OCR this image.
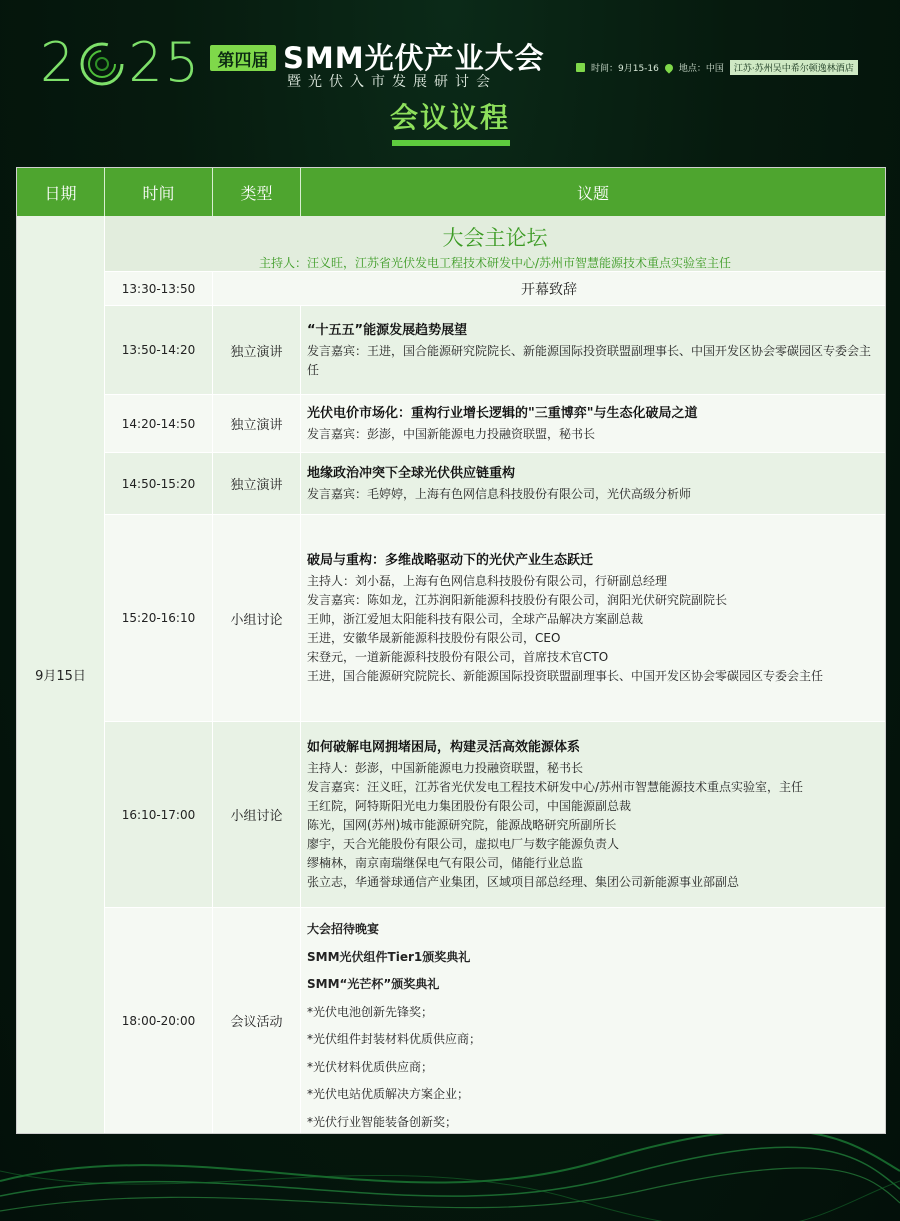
2 25 第四届 SMM光伏产业大会
暨光伏入市发展研讨会
时间：9月15-16 地点：中国	江苏·苏州吴中希尔顿逸林酒店
会议议程
日期	时间	类型	议题
9月15日
大会主论坛
主持人：汪义旺，江苏省光伏发电工程技术研发中心/苏州市智慧能源技术重点实验室主任
13:30-13:50	开幕致辞
13:50-14:20	独立演讲
“十五五”能源发展趋势展望
发言嘉宾：王进，国合能源研究院院长、新能源国际投资联盟副理事长、中国开发区协会零碳园区专委会主任
14:20-14:50	独立演讲
光伏电价市场化：重构行业增长逻辑的"三重博弈"与生态化破局之道
发言嘉宾：彭澎，中国新能源电力投融资联盟，秘书长
14:50-15:20	独立演讲
地缘政治冲突下全球光伏供应链重构
发言嘉宾：毛婷婷，上海有色网信息科技股份有限公司，光伏高级分析师
15:20-16:10	小组讨论
破局与重构：多维战略驱动下的光伏产业生态跃迁
主持人：刘小磊，上海有色网信息科技股份有限公司，行研副总经理
发言嘉宾：陈如龙，江苏润阳新能源科技股份有限公司，润阳光伏研究院副院长
王帅，浙江爱旭太阳能科技有限公司，全球产品解决方案副总裁
王进，安徽华晟新能源科技股份有限公司，CEO
宋登元，一道新能源科技股份有限公司，首席技术官CTO
王进，国合能源研究院院长、新能源国际投资联盟副理事长、中国开发区协会零碳园区专委会主任
16:10-17:00	小组讨论
如何破解电网拥堵困局，构建灵活高效能源体系
主持人：彭澎，中国新能源电力投融资联盟，秘书长
发言嘉宾：汪义旺，江苏省光伏发电工程技术研发中心/苏州市智慧能源技术重点实验室，主任
王红院，阿特斯阳光电力集团股份有限公司，中国能源副总裁
陈光，国网(苏州)城市能源研究院，能源战略研究所副所长
廖宇，天合光能股份有限公司，虚拟电厂与数字能源负责人
缪楠林，南京南瑞继保电气有限公司，储能行业总监
张立志，华通誉球通信产业集团，区域项目部总经理、集团公司新能源事业部副总
18:00-20:00	会议活动
大会招待晚宴
SMM光伏组件Tier1颁奖典礼
SMM“光芒杯”颁奖典礼
*光伏电池创新先锋奖；
*光伏组件封装材料优质供应商；
*光伏材料优质供应商；
*光伏电站优质解决方案企业；
*光伏行业智能装备创新奖；
